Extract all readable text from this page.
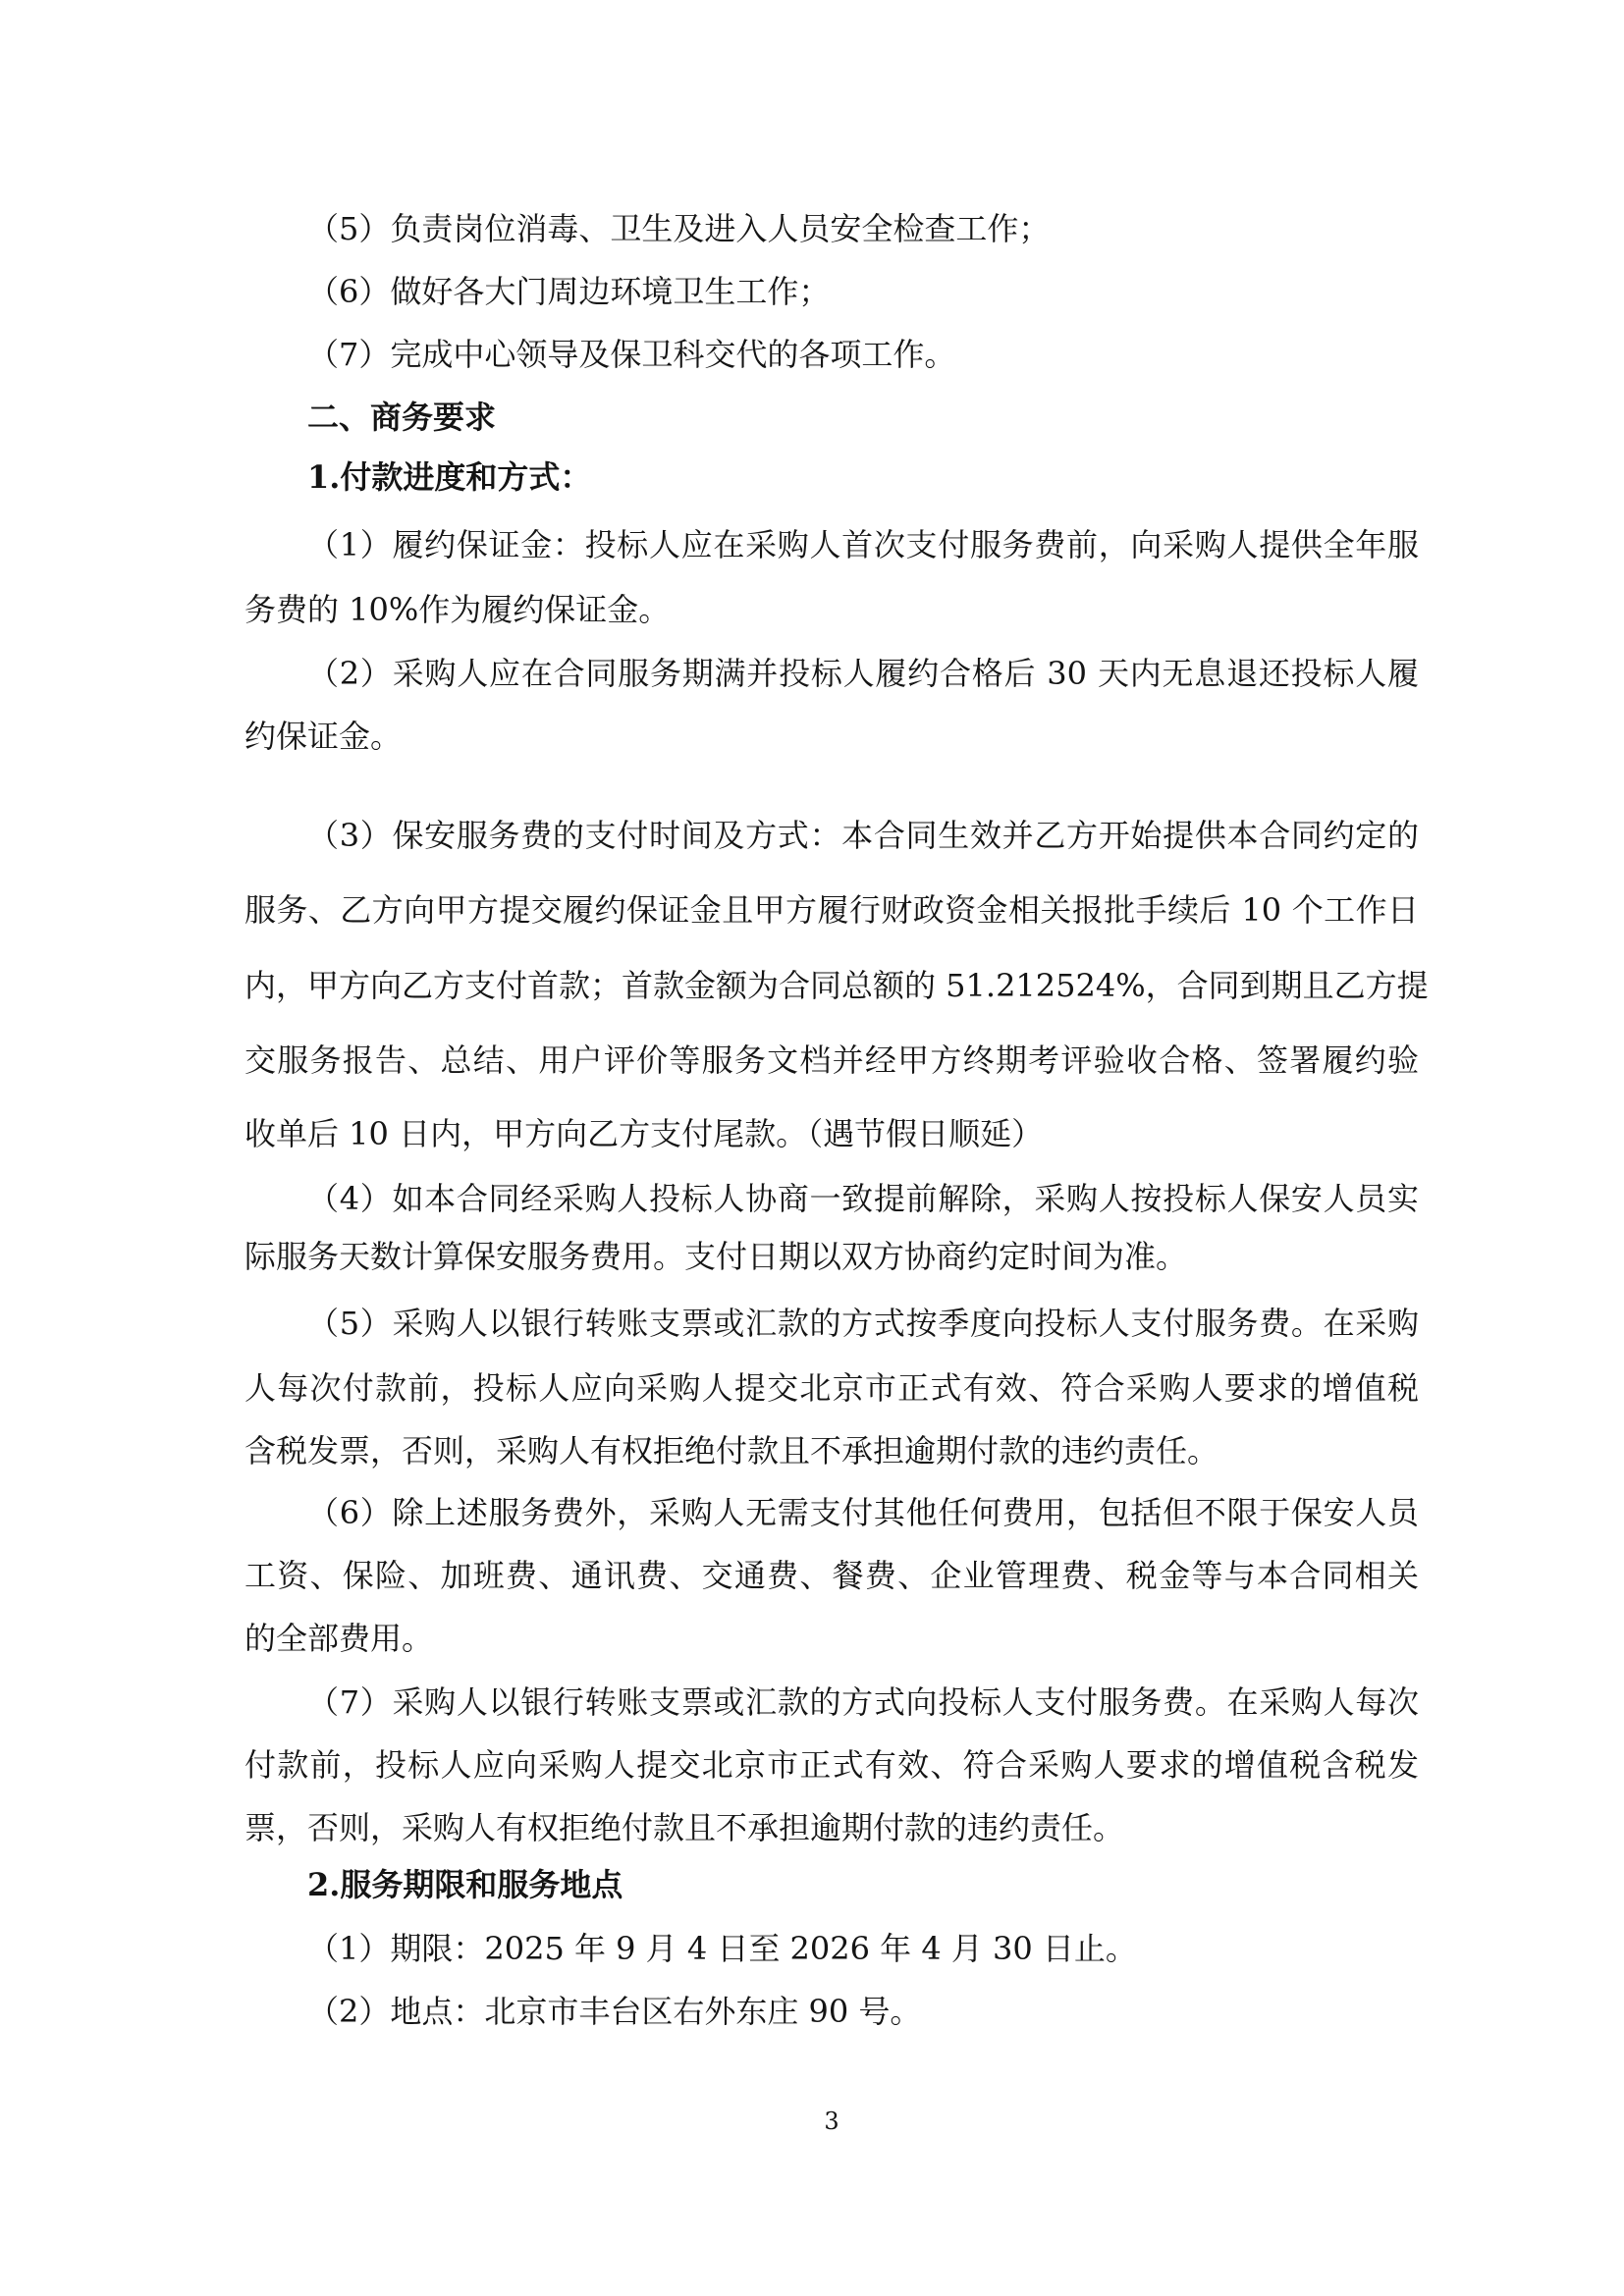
（5）负责岗位消毒、卫生及进入人员安全检查工作；
（6）做好各大门周边环境卫生工作；
（7）完成中心领导及保卫科交代的各项工作。
二、商务要求
1.付款进度和方式：
（1）履约保证金：投标人应在采购人首次支付服务费前，向采购人提供全年服
务费的 10%作为履约保证金。
（2）采购人应在合同服务期满并投标人履约合格后 30 天内无息退还投标人履
约保证金。
（3）保安服务费的支付时间及方式：本合同生效并乙方开始提供本合同约定的
服务、乙方向甲方提交履约保证金且甲方履行财政资金相关报批手续后 10 个工作日
内，甲方向乙方支付首款；首款金额为合同总额的 51.212524%，合同到期且乙方提
交服务报告、总结、用户评价等服务文档并经甲方终期考评验收合格、签署履约验
收单后 10 日内，甲方向乙方支付尾款。（遇节假日顺延）
（4）如本合同经采购人投标人协商一致提前解除，采购人按投标人保安人员实
际服务天数计算保安服务费用。支付日期以双方协商约定时间为准。
（5）采购人以银行转账支票或汇款的方式按季度向投标人支付服务费。在采购
人每次付款前，投标人应向采购人提交北京市正式有效、符合采购人要求的增值税
含税发票，否则，采购人有权拒绝付款且不承担逾期付款的违约责任。
（6）除上述服务费外，采购人无需支付其他任何费用，包括但不限于保安人员
工资、保险、加班费、通讯费、交通费、餐费、企业管理费、税金等与本合同相关
的全部费用。
（7）采购人以银行转账支票或汇款的方式向投标人支付服务费。在采购人每次
付款前，投标人应向采购人提交北京市正式有效、符合采购人要求的增值税含税发
票，否则，采购人有权拒绝付款且不承担逾期付款的违约责任。
2.服务期限和服务地点
（1）期限：2025 年 9 月 4 日至 2026 年 4 月 30 日止。
（2）地点：北京市丰台区右外东庄 90 号。
3
